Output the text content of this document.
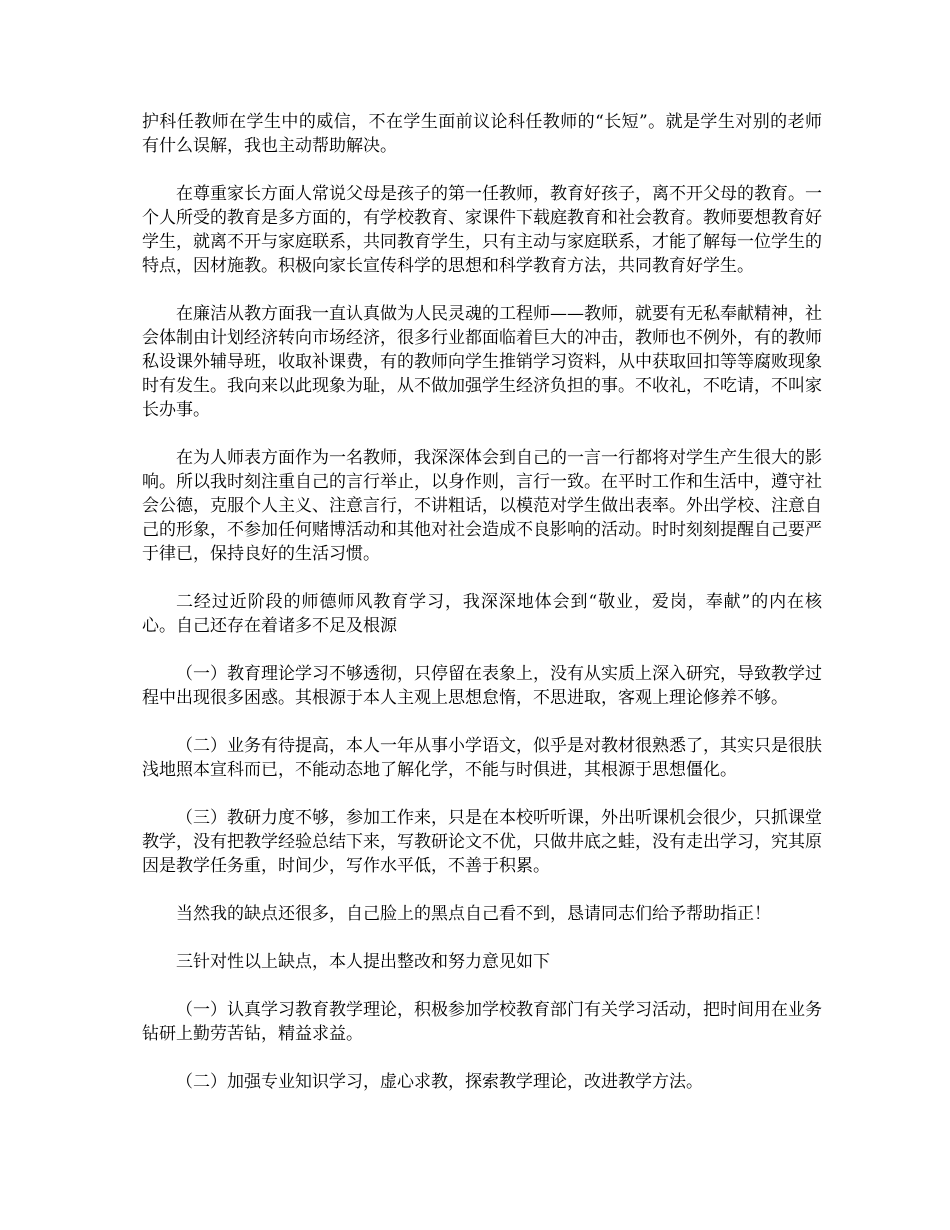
护科任教师在学生中的威信，不在学生面前议论科任教师的“长短”。就是学生对别的老师有什么误解，我也主动帮助解决。

在尊重家长方面人常说父母是孩子的第一任教师，教育好孩子，离不开父母的教育。一个人所受的教育是多方面的，有学校教育、家课件下载庭教育和社会教育。教师要想教育好学生，就离不开与家庭联系，共同教育学生，只有主动与家庭联系，才能了解每一位学生的特点，因材施教。积极向家长宣传科学的思想和科学教育方法，共同教育好学生。

在廉洁从教方面我一直认真做为人民灵魂的工程师——教师，就要有无私奉献精神，社会体制由计划经济转向市场经济，很多行业都面临着巨大的冲击，教师也不例外，有的教师私设课外辅导班，收取补课费，有的教师向学生推销学习资料，从中获取回扣等等腐败现象时有发生。我向来以此现象为耻，从不做加强学生经济负担的事。不收礼，不吃请，不叫家长办事。

在为人师表方面作为一名教师，我深深体会到自己的一言一行都将对学生产生很大的影响。所以我时刻注重自己的言行举止，以身作则，言行一致。在平时工作和生活中，遵守社会公德，克服个人主义、注意言行，不讲粗话，以模范对学生做出表率。外出学校、注意自己的形象，不参加任何赌博活动和其他对社会造成不良影响的活动。时时刻刻提醒自己要严于律已，保持良好的生活习惯。

二经过近阶段的师德师风教育学习，我深深地体会到“敬业，爱岗，奉献”的内在核心。自己还存在着诸多不足及根源

（一）教育理论学习不够透彻，只停留在表象上，没有从实质上深入研究，导致教学过程中出现很多困惑。其根源于本人主观上思想怠惰，不思进取，客观上理论修养不够。

（二）业务有待提高，本人一年从事小学语文，似乎是对教材很熟悉了，其实只是很肤浅地照本宣科而已，不能动态地了解化学，不能与时俱进，其根源于思想僵化。

（三）教研力度不够，参加工作来，只是在本校听听课，外出听课机会很少，只抓课堂教学，没有把教学经验总结下来，写教研论文不优，只做井底之蛙，没有走出学习，究其原因是教学任务重，时间少，写作水平低，不善于积累。

当然我的缺点还很多，自己脸上的黑点自己看不到，恳请同志们给予帮助指正！

三针对性以上缺点，本人提出整改和努力意见如下

（一）认真学习教育教学理论，积极参加学校教育部门有关学习活动，把时间用在业务钻研上勤劳苦钻，精益求益。

（二）加强专业知识学习，虚心求教，探索教学理论，改进教学方法。
